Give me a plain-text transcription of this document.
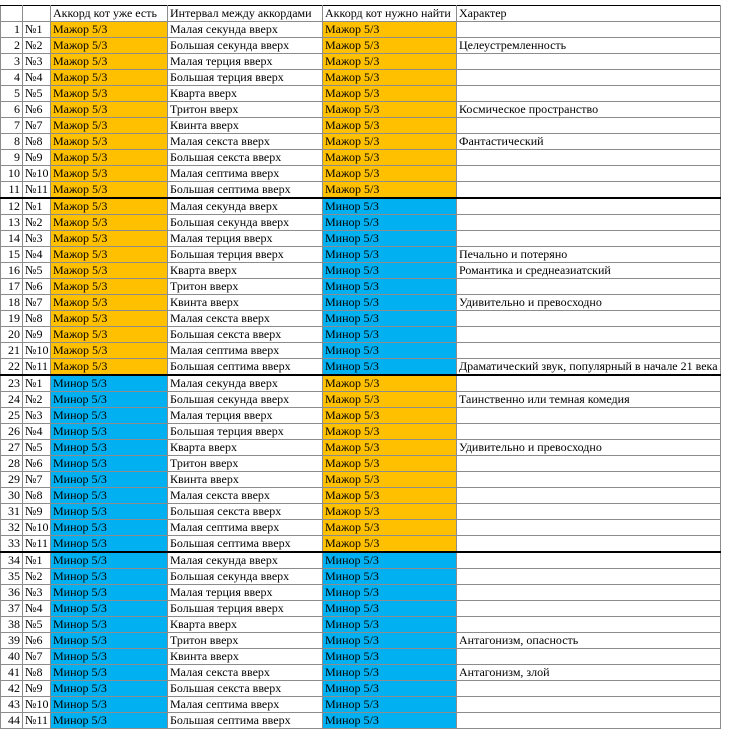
		Аккорд кот уже есть	Интервал между аккордами	Аккорд кот нужно найти	Характер
1	№1	Мажор 5/3	Малая секунда вверх	Мажор 5/3	
2	№2	Мажор 5/3	Большая секунда вверх	Мажор 5/3	Целеустремленность
3	№3	Мажор 5/3	Малая терция вверх	Мажор 5/3	
4	№4	Мажор 5/3	Большая терция вверх	Мажор 5/3	
5	№5	Мажор 5/3	Кварта вверх	Мажор 5/3	
6	№6	Мажор 5/3	Тритон вверх	Мажор 5/3	Космическое пространство
7	№7	Мажор 5/3	Квинта вверх	Мажор 5/3	
8	№8	Мажор 5/3	Малая секста вверх	Мажор 5/3	Фантастический
9	№9	Мажор 5/3	Большая секста вверх	Мажор 5/3	
10	№10	Мажор 5/3	Малая септима вверх	Мажор 5/3	
11	№11	Мажор 5/3	Большая септима вверх	Мажор 5/3	
12	№1	Мажор 5/3	Малая секунда вверх	Минор 5/3	
13	№2	Мажор 5/3	Большая секунда вверх	Минор 5/3	
14	№3	Мажор 5/3	Малая терция вверх	Минор 5/3	
15	№4	Мажор 5/3	Большая терция вверх	Минор 5/3	Печально и потеряно
16	№5	Мажор 5/3	Кварта вверх	Минор 5/3	Романтика и среднеазиатский
17	№6	Мажор 5/3	Тритон вверх	Минор 5/3	
18	№7	Мажор 5/3	Квинта вверх	Минор 5/3	Удивительно и превосходно
19	№8	Мажор 5/3	Малая секста вверх	Минор 5/3	
20	№9	Мажор 5/3	Большая секста вверх	Минор 5/3	
21	№10	Мажор 5/3	Малая септима вверх	Минор 5/3	
22	№11	Мажор 5/3	Большая септима вверх	Минор 5/3	Драматический звук, популярный в начале 21 века
23	№1	Минор 5/3	Малая секунда вверх	Мажор 5/3	
24	№2	Минор 5/3	Большая секунда вверх	Мажор 5/3	Таинственно или темная комедия
25	№3	Минор 5/3	Малая терция вверх	Мажор 5/3	
26	№4	Минор 5/3	Большая терция вверх	Мажор 5/3	
27	№5	Минор 5/3	Кварта вверх	Мажор 5/3	Удивительно и превосходно
28	№6	Минор 5/3	Тритон вверх	Мажор 5/3	
29	№7	Минор 5/3	Квинта вверх	Мажор 5/3	
30	№8	Минор 5/3	Малая секста вверх	Мажор 5/3	
31	№9	Минор 5/3	Большая секста вверх	Мажор 5/3	
32	№10	Минор 5/3	Малая септима вверх	Мажор 5/3	
33	№11	Минор 5/3	Большая септима вверх	Мажор 5/3	
34	№1	Минор 5/3	Малая секунда вверх	Минор 5/3	
35	№2	Минор 5/3	Большая секунда вверх	Минор 5/3	
36	№3	Минор 5/3	Малая терция вверх	Минор 5/3	
37	№4	Минор 5/3	Большая терция вверх	Минор 5/3	
38	№5	Минор 5/3	Кварта вверх	Минор 5/3	
39	№6	Минор 5/3	Тритон вверх	Минор 5/3	Антагонизм, опасность
40	№7	Минор 5/3	Квинта вверх	Минор 5/3	
41	№8	Минор 5/3	Малая секста вверх	Минор 5/3	Антагонизм, злой
42	№9	Минор 5/3	Большая секста вверх	Минор 5/3	
43	№10	Минор 5/3	Малая септима вверх	Минор 5/3	
44	№11	Минор 5/3	Большая септима вверх	Минор 5/3	
